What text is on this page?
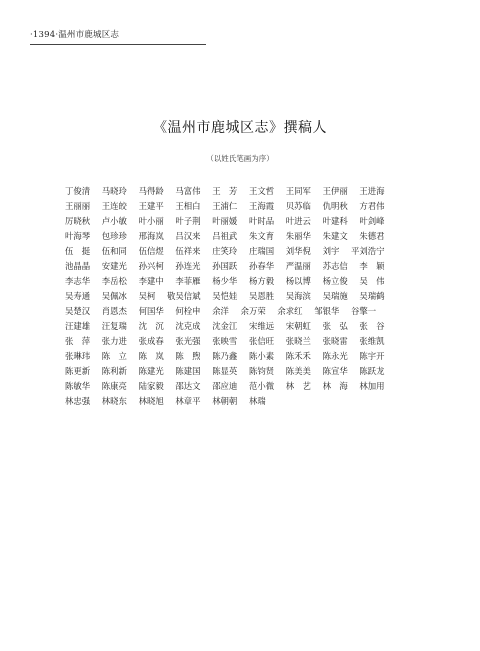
·1394·温州市鹿城区志
《温州市鹿城区志》撰稿人
（以姓氏笔画为序）
丁俊清 马晓玲 马得龄 马富伟 王　芳 王文哲 王同军 王伊丽 王进海 王丽丽 王连皎 王建平 王相白 王浦仁 王海霞 贝苏临 仇明秋 方君伟 厉晓秋 卢小敏 叶小丽 叶子荆 叶丽媛 叶时品 叶进云 叶建科 叶剑峰 叶海琴 包珍珍 邢海岚 吕汉来 吕祖武 朱文育 朱丽华 朱建文 朱德君 伍　挺 伍和同 伍信煜 伍祥来 庄笑玲 庄瑞国 刘华倪 刘宇 平刘浩宁 池晶晶 安建光 孙兴柯 孙连光 孙国跃 孙春华 严温丽 苏志信 李　颖 李志华 李岳松 李建中 李菲雁 杨少华 杨方毅 杨以博 杨立俊 吴　伟 吴寿通 吴佩冰 吴柯 敬吴信斌 吴恺娃 吴恩胜 吴海滨 吴瑞施 吴瑞鹤 吴楚汉 肖恩杰 何国华 何栓申 余洋 余万荣 余求红 邹银华 谷擎一 汪建雄 汪复瑞 沈　沉 沈克成 沈金江 宋维远 宋朝虹 张　弘 张　谷 张　萍 张力进 张成春 张光强 张映雪 张信旺 张晓兰 张晓雷 张维凯 张琳玮 陈　立 陈　岚 陈　煦 陈乃鑫 陈小素 陈禾禾 陈永光 陈宇开 陈更新 陈利新 陈建光 陈建国 陈显英 陈钧贤 陈美美 陈宣华 陈跃龙 陈敏华 陈康亮 陆家毅 邵达文 邵应迪 范小微 林　艺 林　海 林加用 林忠强 林晓东 林晓旭 林章平 林朝朝 林瑞
